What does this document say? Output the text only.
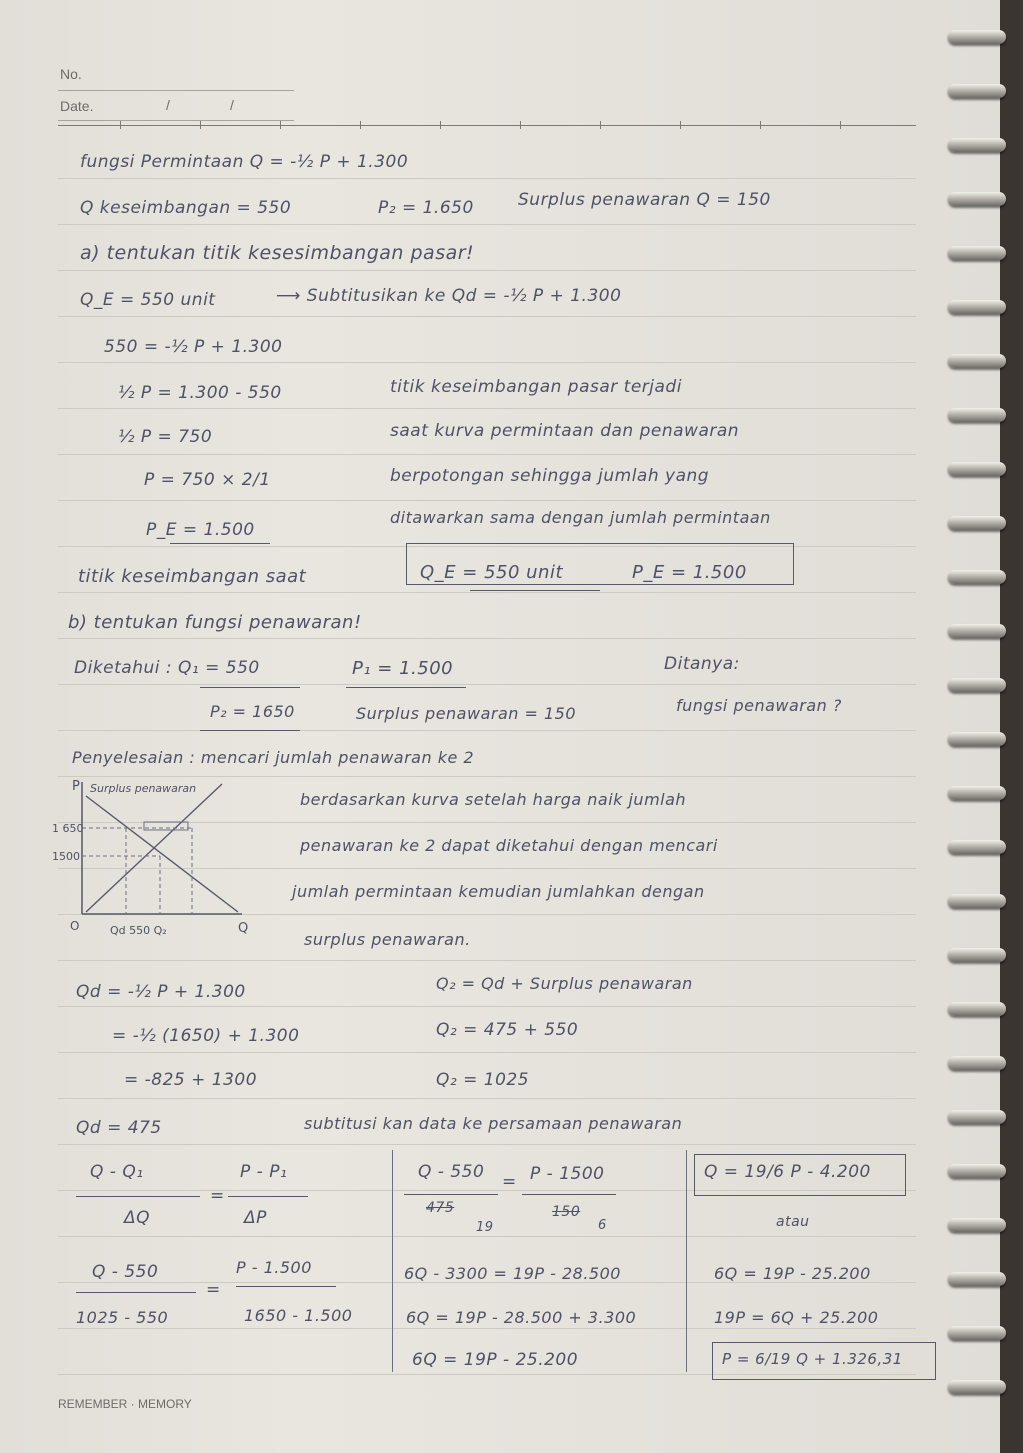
No.
Date.	/	/
fungsi Permintaan Q = -½ P + 1.300
Q keseimbangan = 550	P₂ = 1.650	Surplus penawaran Q = 150
a) tentukan titik kesesimbangan pasar!
Q_E = 550 unit	⟶ Subtitusikan ke Qd = -½ P + 1.300
550 = -½ P + 1.300
½ P = 1.300 - 550	titik keseimbangan pasar terjadi
½ P = 750	saat kurva permintaan dan penawaran
P = 750 × 2/1	berpotongan sehingga jumlah yang
P_E = 1.500
ditawarkan sama dengan jumlah permintaan
titik keseimbangan saat	Q_E = 550 unit	P_E = 1.500
b) tentukan fungsi penawaran!
Diketahui : Q₁ = 550	P₁ = 1.500	Ditanya:
P₂ = 1650	Surplus penawaran = 150	fungsi penawaran ?
Penyelesaian : mencari jumlah penawaran ke 2
P Surplus penawaran
1 650
1500
O	Qd 550 Q₂	Q
berdasarkan kurva setelah harga naik jumlah
penawaran ke 2 dapat diketahui dengan mencari
jumlah permintaan kemudian jumlahkan dengan
surplus penawaran.
Qd = -½ P + 1.300	Q₂ = Qd + Surplus penawaran
= -½ (1650) + 1.300	Q₂ = 475 + 550
= -825 + 1300	Q₂ = 1025
Qd = 475	subtitusi kan data ke persamaan penawaran
Q - Q₁
=
P - P₁
ΔQ	ΔP
Q - 550 = P - 1500
475
19
150
6
Q = 19/6 P - 4.200
atau
Q - 550
=
P - 1.500
1025 - 550	1650 - 1.500
6Q - 3300 = 19P - 28.500
6Q = 19P - 28.500 + 3.300
6Q = 19P - 25.200
6Q = 19P - 25.200
19P = 6Q + 25.200
P = 6/19 Q + 1.326,31
REMEMBER · MEMORY
